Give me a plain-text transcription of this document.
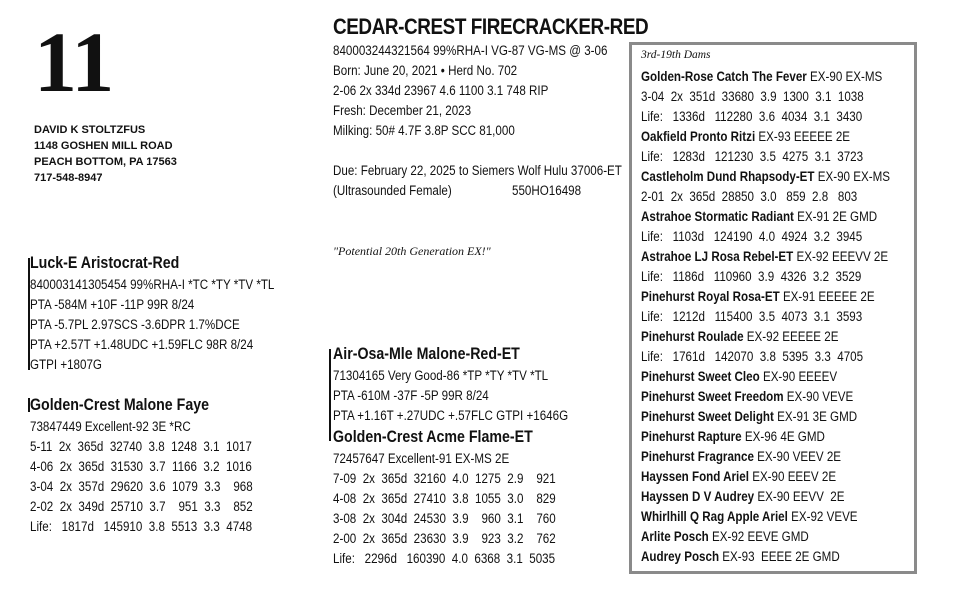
11
DAVID K STOLTZFUS
1148 GOSHEN MILL ROAD
PEACH BOTTOM, PA 17563
717-548-8947
CEDAR-CREST FIRECRACKER-RED
840003244321564 99%RHA-I VG-87 VG-MS @ 3-06
Born: June 20, 2021 • Herd No. 702
2-06 2x 334d 23967 4.6 1100 3.1 748 RIP
Fresh: December 21, 2023
Milking: 50# 4.7F 3.8P SCC 81,000
Due: February 22, 2025 to Siemers Wolf Hulu 37006-ET
(Ultrasounded Female)	550HO16498
"Potential 20th Generation EX!"
Luck-E Aristocrat-Red
840003141305454 99%RHA-I *TC *TY *TV *TL
PTA -584M +10F -11P 99R 8/24
PTA -5.7PL 2.97SCS -3.6DPR 1.7%DCE
PTA +2.57T +1.48UDC +1.59FLC 98R 8/24
GTPI +1807G
Golden-Crest Malone Faye
73847449 Excellent-92 3E *RC
5-11  2x  365d  32740  3.8  1248  3.1  1017
4-06  2x  365d  31530  3.7  1166  3.2  1016
3-04  2x  357d  29620  3.6  1079  3.3    968
2-02  2x  349d  25710  3.7    951  3.3    852
Life:   1817d   145910  3.8  5513  3.3  4748
Air-Osa-Mle Malone-Red-ET
71304165 Very Good-86 *TP *TY *TV *TL
PTA -610M -37F -5P 99R 8/24
PTA +1.16T +.27UDC +.57FLC GTPI +1646G
Golden-Crest Acme Flame-ET
72457647 Excellent-91 EX-MS 2E
7-09  2x  365d  32160  4.0  1275  2.9    921
4-08  2x  365d  27410  3.8  1055  3.0    829
3-08  2x  304d  24530  3.9    960  3.1    760
2-00  2x  365d  23630  3.9    923  3.2    762
Life:   2296d   160390  4.0  6368  3.1  5035
3rd-19th Dams
Golden-Rose Catch The Fever EX-90 EX-MS
3-04  2x  351d  33680  3.9  1300  3.1  1038
Life:   1336d   112280  3.6  4034  3.1  3430
Oakfield Pronto Ritzi EX-93 EEEEE 2E
Life:   1283d   121230  3.5  4275  3.1  3723
Castleholm Dund Rhapsody-ET EX-90 EX-MS
2-01  2x  365d  28850  3.0   859  2.8   803
Astrahoe Stormatic Radiant EX-91 2E GMD
Life:   1103d   124190  4.0  4924  3.2  3945
Astrahoe LJ Rosa Rebel-ET EX-92 EEEVV 2E
Life:   1186d   110960  3.9  4326  3.2  3529
Pinehurst Royal Rosa-ET EX-91 EEEEE 2E
Life:   1212d   115400  3.5  4073  3.1  3593
Pinehurst Roulade EX-92 EEEEE 2E
Life:   1761d   142070  3.8  5395  3.3  4705
Pinehurst Sweet Cleo EX-90 EEEEV
Pinehurst Sweet Freedom EX-90 VEVE
Pinehurst Sweet Delight EX-91 3E GMD
Pinehurst Rapture EX-96 4E GMD
Pinehurst Fragrance EX-90 VEEV 2E
Hayssen Fond Ariel EX-90 EEEV 2E
Hayssen D V Audrey EX-90 EEVV  2E
Whirlhill Q Rag Apple Ariel EX-92 VEVE
Arlite Posch EX-92 EEVE GMD
Audrey Posch EX-93  EEEE 2E GMD
